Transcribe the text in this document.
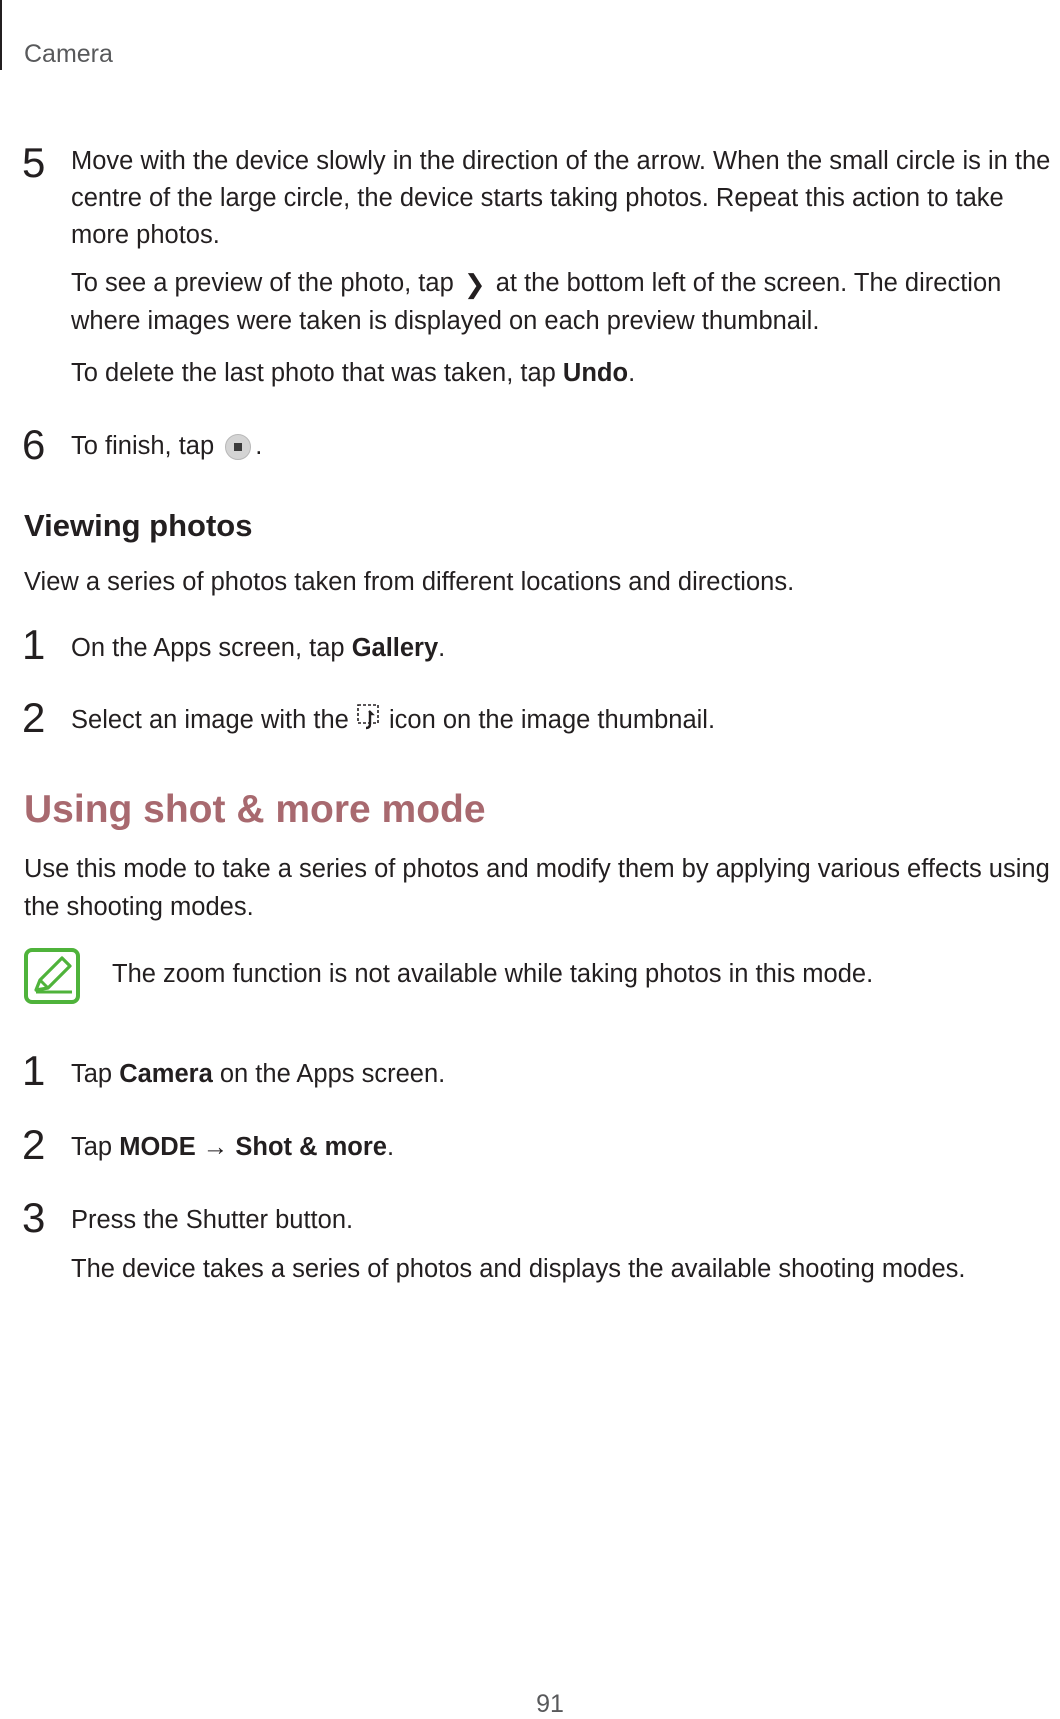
Camera
5 Move with the device slowly in the direction of the arrow. When the small circle is in the centre of the large circle, the device starts taking photos. Repeat this action to take more photos.
To see a preview of the photo, tap ❯ at the bottom left of the screen. The direction where images were taken is displayed on each preview thumbnail.
To delete the last photo that was taken, tap Undo.
6 To finish, tap .
Viewing photos
View a series of photos taken from different locations and directions.
1 On the Apps screen, tap Gallery.
2 Select an image with the icon on the image thumbnail.
Using shot & more mode
Use this mode to take a series of photos and modify them by applying various effects using the shooting modes.
The zoom function is not available while taking photos in this mode.
1 Tap Camera on the Apps screen.
2 Tap MODE → Shot & more.
3 Press the Shutter button.
The device takes a series of photos and displays the available shooting modes.
91
